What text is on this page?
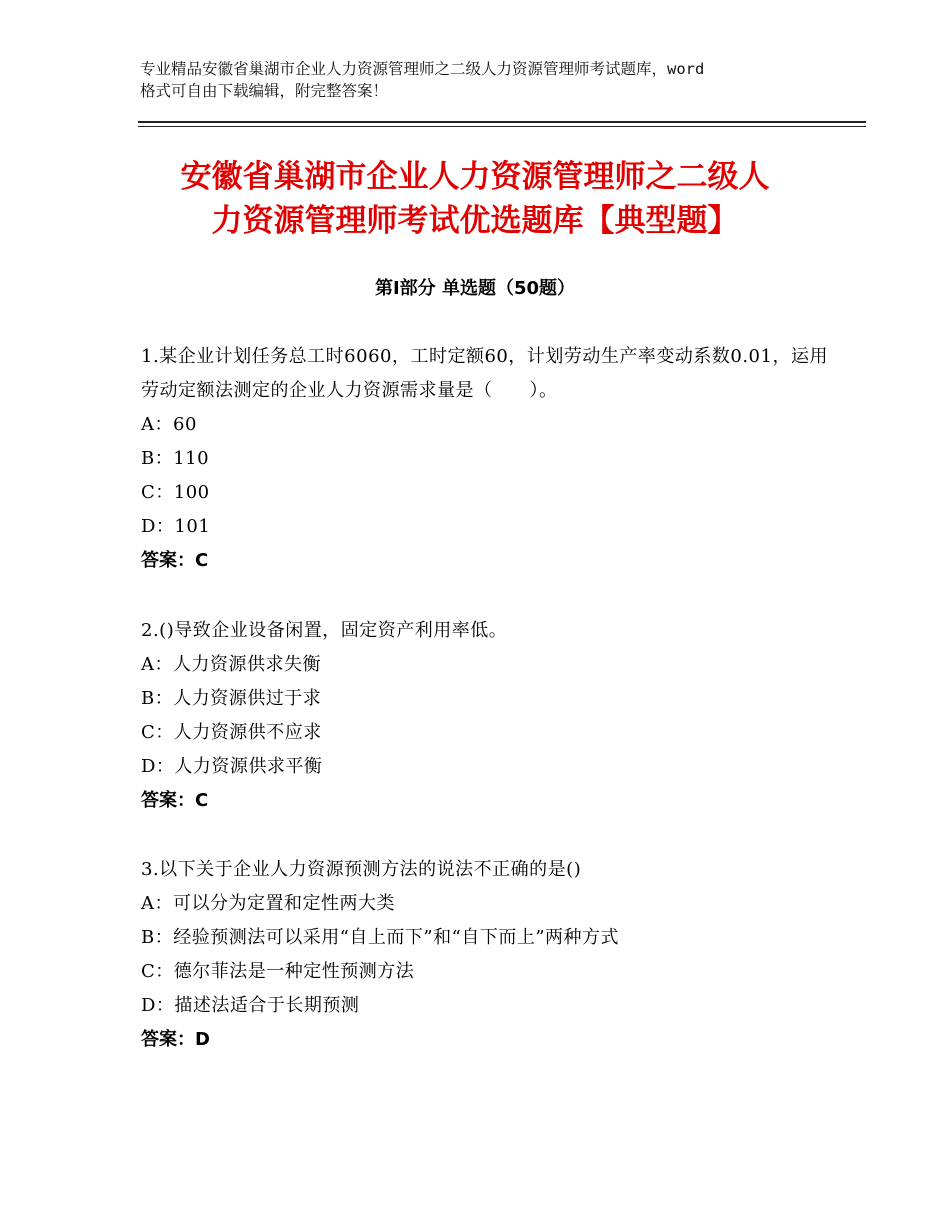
专业精品安徽省巢湖市企业人力资源管理师之二级人力资源管理师考试题库，word
格式可自由下载编辑，附完整答案！
安徽省巢湖市企业人力资源管理师之二级人
力资源管理师考试优选题库【典型题】
第Ⅰ部分 单选题（50题）
1.某企业计划任务总工时6060，工时定额60，计划劳动生产率变动系数0.01，运用劳动定额法测定的企业人力资源需求量是（　　）。
A：60
B：110
C：100
D：101
答案：C
2.()导致企业设备闲置，固定资产利用率低。
A：人力资源供求失衡
B：人力资源供过于求
C：人力资源供不应求
D：人力资源供求平衡
答案：C
3.以下关于企业人力资源预测方法的说法不正确的是()
A：可以分为定置和定性两大类
B：经验预测法可以采用“自上而下”和“自下而上”两种方式
C：德尔菲法是一种定性预测方法
D：描述法适合于长期预测
答案：D
